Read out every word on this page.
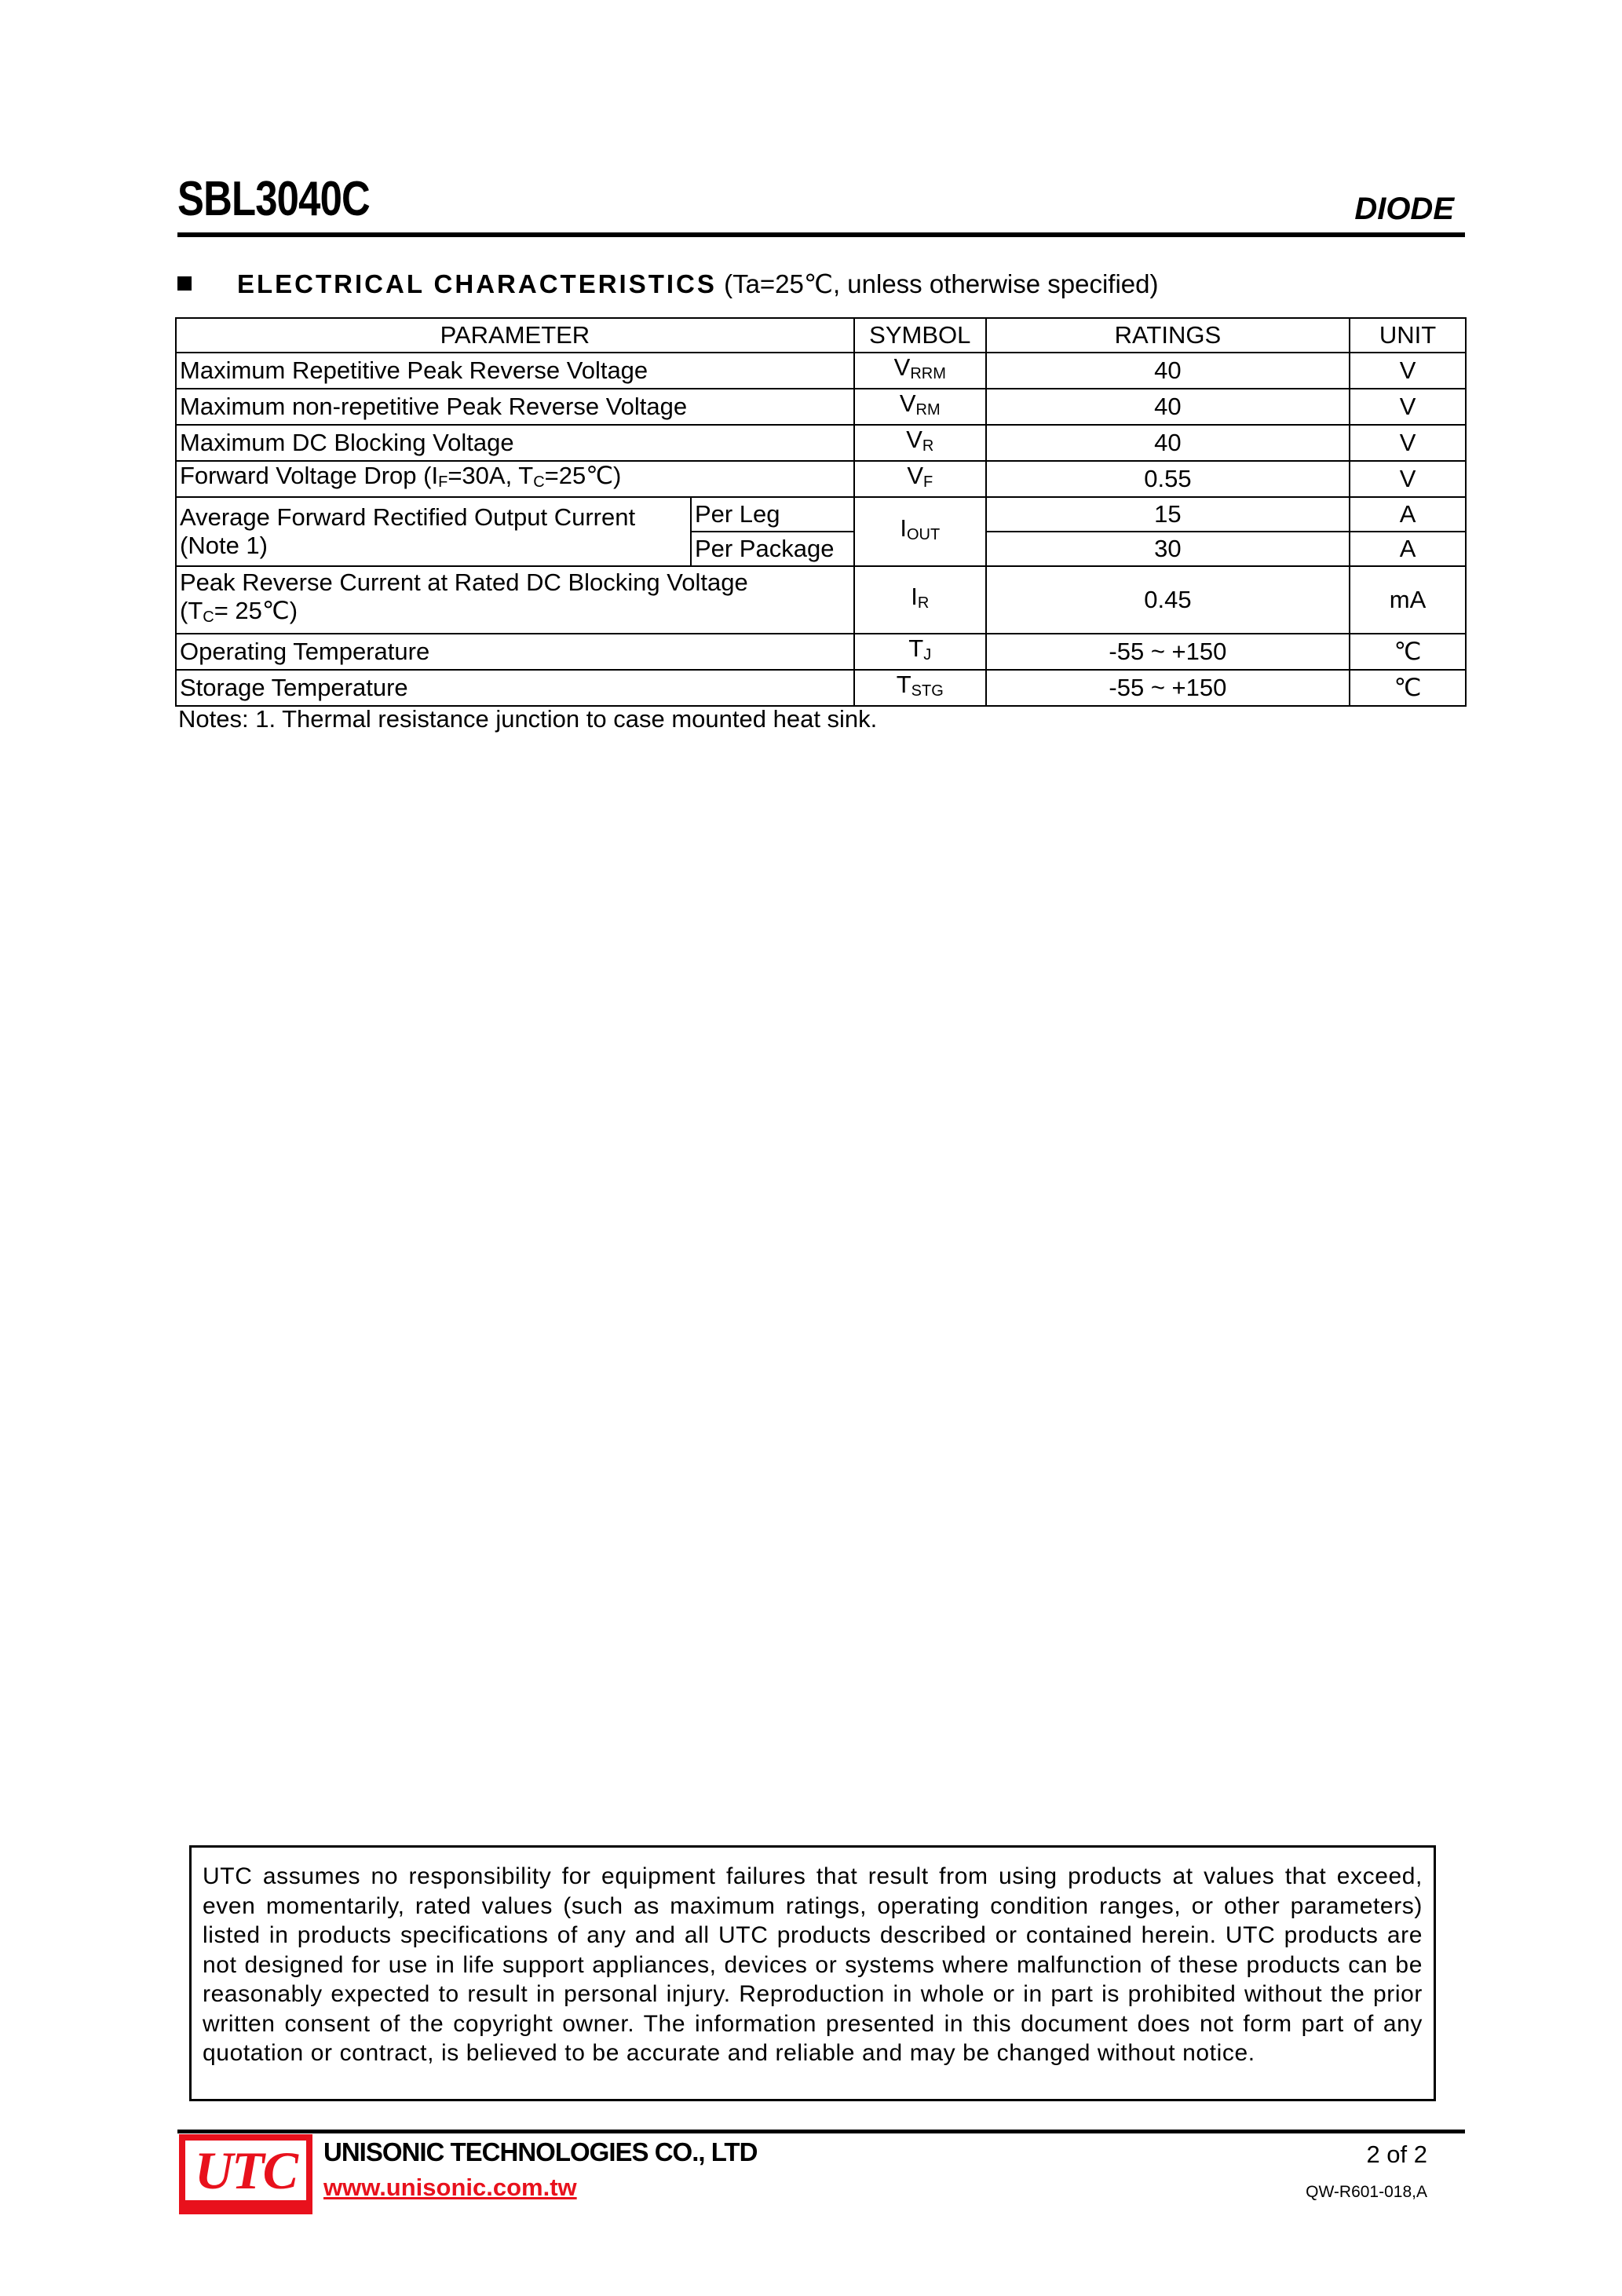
SBL3040C	DIODE
ELECTRICAL CHARACTERISTICS (Ta=25℃, unless otherwise specified)
PARAMETER		SYMBOL	RATINGS	UNIT
Maximum Repetitive Peak Reverse Voltage		$V_{RRM}$	40	V
Maximum non-repetitive Peak Reverse Voltage		$V_{RM}$	40	V
Maximum DC Blocking Voltage		$V_R$	40	V
Forward Voltage Drop ($I_F=30A$, $T_C=25℃$)		$V_F$	0.55	V
Average Forward Rectified Output Current
(Note 1)	Per Leg	$I_{OUT}$	15	A
	Per Package		30	A
Peak Reverse Current at Rated DC Blocking Voltage
($T_C=$ 25℃)		$I_R$	0.45	mA
Operating Temperature		$T_J$	-55 ~ +150	℃
Storage Temperature		$T_{STG}$	-55 ~ +150	℃
Notes: 1. Thermal resistance junction to case mounted heat sink.
UTC assumes no responsibility for equipment failures that result from using products at values that exceed, even momentarily, rated values (such as maximum ratings, operating condition ranges, or other parameters) listed in products specifications of any and all UTC products described or contained herein. UTC products are not designed for use in life support appliances, devices or systems where malfunction of these products can be reasonably expected to result in personal injury. Reproduction in whole or in part is prohibited without the prior written consent of the copyright owner. The information presented in this document does not form part of any quotation or contract, is believed to be accurate and reliable and may be changed without notice.
UTC	UNISONIC TECHNOLOGIES CO., LTD
www.unisonic.com.tw
2 of 2
QW-R601-018,A
